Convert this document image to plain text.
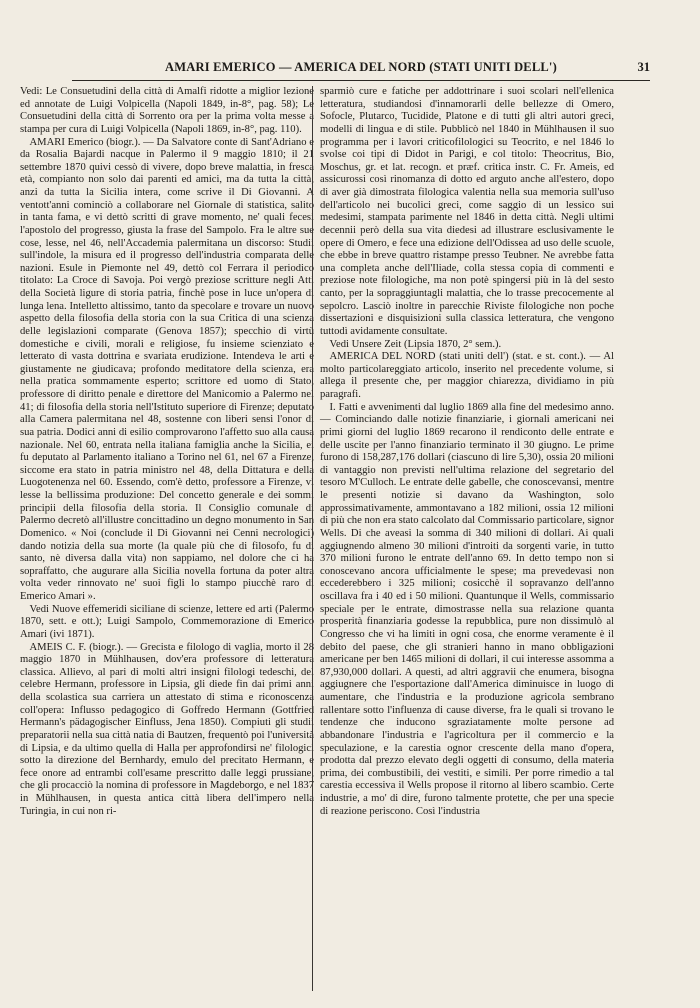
AMARI EMERICO — AMERICA DEL NORD (STATI UNITI DELL')	31

Vedi: Le Consuetudini della città di Amalfi ridotte a miglior lezione ed annotate de Luigi Volpicella (Napoli 1849, in-8°, pag. 58); Le Consuetudini della città di Sorrento ora per la prima volta messe a stampa per cura di Luigi Volpicella (Napoli 1869, in-8°, pag. 110).

AMARI Emerico (biogr.). — Da Salvatore conte di Sant'Adriano e da Rosalia Bajardi nacque in Palermo il 9 maggio 1810; il 21 settembre 1870 quivi cessò di vivere, dopo breve malattia, in fresca età, compianto non solo dai parenti ed amici, ma da tutta la città, anzi da tutta la Sicilia intera, come scrive il Di Giovanni. A ventott'anni cominciò a collaborare nel Giornale di statistica, salito in tanta fama, e vi dettò scritti di grave momento, ne' quali fecesi l'apostolo del progresso, giusta la frase del Sampolo. Fra le altre sue cose, lesse, nel 46, nell'Accademia palermitana un discorso: Studii sull'indole, la misura ed il progresso dell'industria comparata delle nazioni. Esule in Piemonte nel 49, dettò col Ferrara il periodico titolato: La Croce di Savoja. Poi vergò preziose scritture negli Atti della Società ligure di storia patria, finchè pose in luce un'opera di lunga lena. Intelletto altissimo, tanto da specolare e trovare un nuovo aspetto della filosofia della storia con la sua Critica di una scienza delle legislazioni comparate (Genova 1857); specchio di virtù domestiche e civili, morali e religiose, fu insieme scienziato e letterato di vasta dottrina e svariata erudizione. Intendeva le arti e giustamente ne giudicava; profondo meditatore della scienza, era nella pratica sommamente esperto; scrittore ed uomo di Stato, professore di diritto penale e direttore del Manicomio a Palermo nel 41; di filosofia della storia nell'Istituto superiore di Firenze; deputato alla Camera palermitana nel 48, sostenne con liberi sensi l'onor di sua patria. Dodici anni di esilio comprovarono l'affetto suo alla causa nazionale. Nel 60, entrata nella italiana famiglia anche la Sicilia, ei fu deputato al Parlamento italiano a Torino nel 61, nel 67 a Firenze, siccome era stato in patria ministro nel 48, della Dittatura e della Luogotenenza nel 60. Essendo, com'è detto, professore a Firenze, vi lesse la bellissima produzione: Del concetto generale e dei sommi principii della filosofia della storia. Il Consiglio comunale di Palermo decretò all'illustre concittadino un degno monumento in San Domenico. « Noi (conclude il Di Giovanni nei Cenni necrologici) dando notizia della sua morte (la quale più che di filosofo, fu di santo, nè diversa dalla vita) non sappiamo, nel dolore che ci ha sopraffatto, che augurare alla Sicilia novella fortuna da poter altra volta veder rinnovato ne' suoi figli lo stampo piucchè raro di Emerico Amari ».

Vedi Nuove effemeridi siciliane di scienze, lettere ed arti (Palermo 1870, sett. e ott.); Luigi Sampolo, Commemorazione di Emerico Amari (ivi 1871).

AMEIS C. F. (biogr.). — Grecista e filologo di vaglia, morto il 28 maggio 1870 in Mühlhausen, dov'era professore di letteratura classica. Allievo, al pari di molti altri insigni filologi tedeschi, del celebre Hermann, professore in Lipsia, gli diede fin dai primi anni della scolastica sua carriera un attestato di stima e riconoscenza coll'opera: Influsso pedagogico di Goffredo Hermann (Gottfried Hermann's pädagogischer Einfluss, Jena 1850). Compiuti gli studii preparatorii nella sua città natia di Bautzen, frequentò poi l'università di Lipsia, e da ultimo quella di Halla per approfondirsi ne' filologici sotto la direzione del Bernhardy, emulo del precitato Hermann, e fece onore ad entrambi coll'esame prescritto dalle leggi prussiane, che gli procacciò la nomina di professore in Magdeborgo, e nel 1837 in Mühlhausen, in questa antica città libera dell'impero nella Turingia, in cui non ri-

sparmiò cure e fatiche per addottrinare i suoi scolari nell'ellenica letteratura, studiandosi d'innamorarli delle bellezze di Omero, Sofocle, Plutarco, Tucidide, Platone e di tutti gli altri autori greci, modelli di lingua e di stile. Pubblicò nel 1840 in Mühlhausen il suo programma per i lavori criticofilologici su Teocrito, e nel 1846 lo svolse coi tipi di Didot in Parigi, e col titolo: Theocritus, Bio, Moschus, gr. et lat. recogn. et præf. critica instr. C. Fr. Ameis, ed assicurossi così rinomanza di dotto ed arguto anche all'estero, dopo di aver già dimostrata filologica valentia nella sua memoria sull'uso dell'articolo nei bucolici greci, come saggio di un lessico sui medesimi, stampata parimente nel 1846 in detta città. Negli ultimi decennii però della sua vita diedesi ad illustrare esclusivamente le opere di Omero, e fece una edizione dell'Odissea ad uso delle scuole, che ebbe in breve quattro ristampe presso Teubner. Ne avrebbe fatta una completa anche dell'Iliade, colla stessa copia di commenti e preziose note filologiche, ma non potè spingersi più in là del sesto canto, per la sopraggiuntagli malattia, che lo trasse precocemente al sepolcro. Lasciò inoltre in parecchie Riviste filologiche non poche dissertazioni e disquisizioni sulla classica letteratura, che vengono tuttodì avidamente consultate.

Vedi Unsere Zeit (Lipsia 1870, 2° sem.).

AMERICA DEL NORD (stati uniti dell') (stat. e st. cont.). — Al molto particolareggiato articolo, inserito nel precedente volume, si allega il presente che, per maggior chiarezza, dividiamo in più paragrafi.

I. Fatti e avvenimenti dal luglio 1869 alla fine del medesimo anno. — Cominciando dalle notizie finanziarie, i giornali americani nei primi giorni del luglio 1869 recarono il rendiconto delle entrate e delle uscite per l'anno finanziario terminato il 30 giugno. Le prime furono di 158,287,176 dollari (ciascuno di lire 5,30), ossia 20 milioni di vantaggio non previsti nell'ultima relazione del segretario del tesoro M'Culloch. Le entrate delle gabelle, che conoscevansi, mentre le presenti notizie si davano da Washington, solo approssimativamente, ammontavano a 182 milioni, ossia 12 milioni di più che non era stato calcolato dal Commissario particolare, signor Wells. Di che aveasi la somma di 340 milioni di dollari. Ai quali aggiugnendo almeno 30 milioni d'introiti da sorgenti varie, in tutto 370 milioni furono le entrate dell'anno 69. In detto tempo non si conoscevano ancora ufficialmente le spese; ma prevedevasi non eccederebbero i 325 milioni; cosicchè il sopravanzo dell'anno oscillava fra i 40 ed i 50 milioni. Quantunque il Wells, commissario speciale per le entrate, dimostrasse nella sua relazione quanta prosperità finanziaria godesse la repubblica, pure non dissimulò al Congresso che vi ha limiti in ogni cosa, che enorme veramente è il debito del paese, che gli stranieri hanno in mano obbligazioni americane per ben 1465 milioni di dollari, il cui interesse assomma a 87,930,000 dollari. A questi, ad altri aggravii che enumera, bisogna aggiugnere che l'esportazione dall'America diminuisce in luogo di aumentare, che l'industria e la produzione agricola sembrano rallentare sotto l'influenza di cause diverse, fra le quali si trovano le tendenze che inducono sgraziatamente molte persone ad abbandonare l'industria e l'agricoltura per il commercio e la speculazione, e la carestia ognor crescente della mano d'opera, prodotta dal prezzo elevato degli oggetti di consumo, della materia prima, dei combustibili, dei vestiti, e simili. Per porre rimedio a tal carestia eccessiva il Wells propose il ritorno al libero scambio. Certe industrie, a mo' di dire, furono talmente protette, che per una specie di reazione periscono. Così l'industria
